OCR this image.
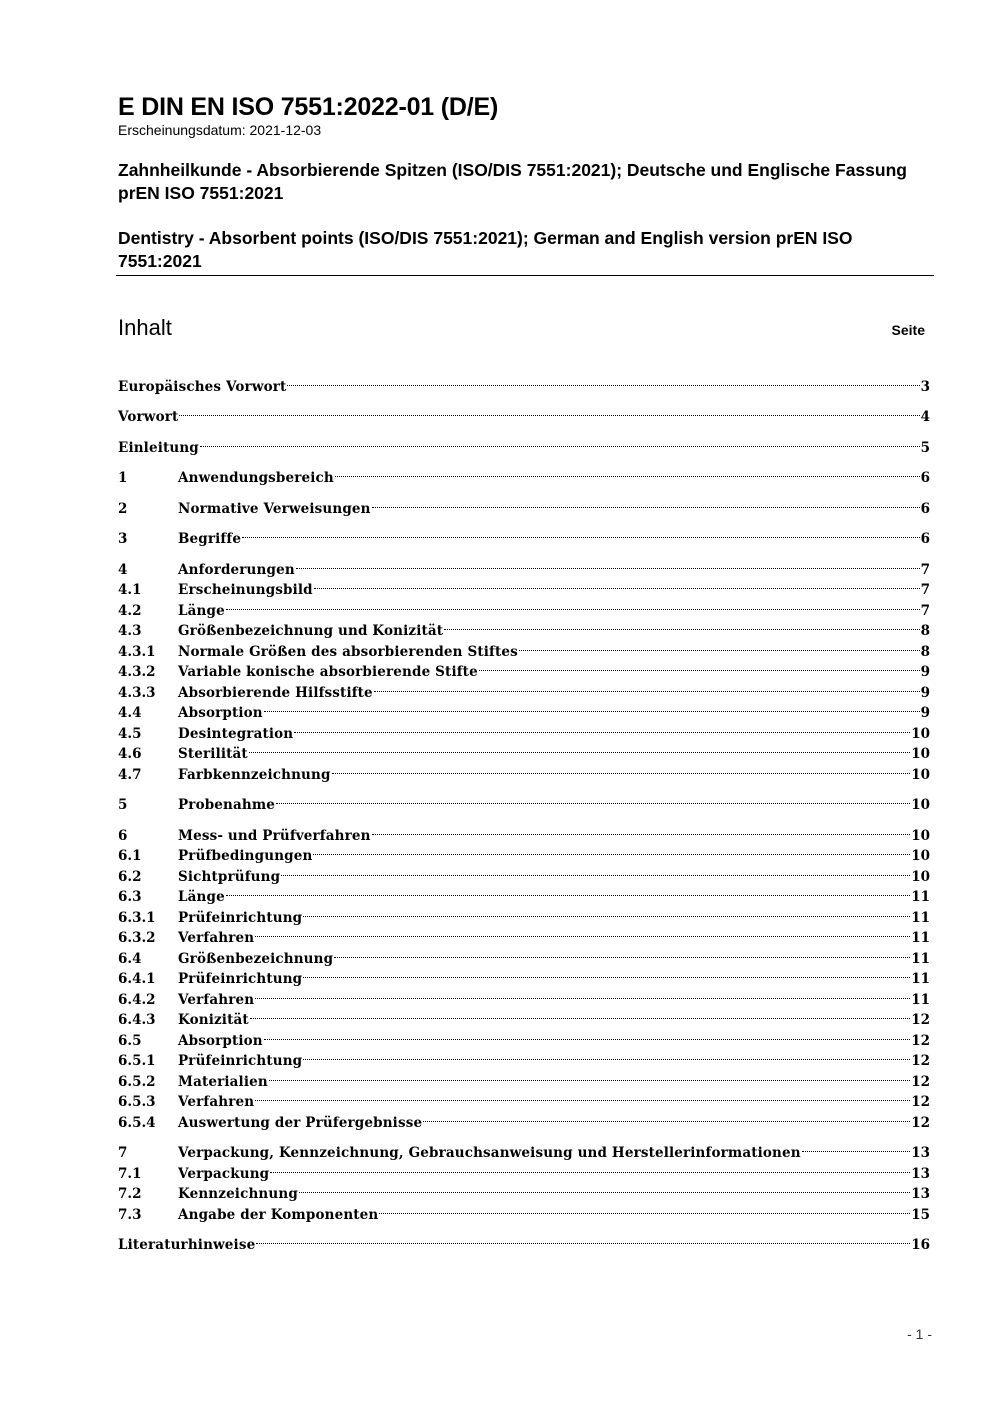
E DIN EN ISO 7551:2022-01 (D/E)

Erscheinungsdatum: 2021-12-03

Zahnheilkunde - Absorbierende Spitzen (ISO/DIS 7551:2021); Deutsche und Englische Fassung prEN ISO 7551:2021

Dentistry - Absorbent points (ISO/DIS 7551:2021); German and English version prEN ISO 7551:2021

Inhalt	Seite
Europäisches Vorwort	3
Vorwort	4
Einleitung	5
1	Anwendungsbereich	6
2	Normative Verweisungen	6
3	Begriffe	6
4	Anforderungen	7
4.1	Erscheinungsbild	7
4.2	Länge	7
4.3	Größenbezeichnung und Konizität	8
4.3.1	Normale Größen des absorbierenden Stiftes	8
4.3.2	Variable konische absorbierende Stifte	9
4.3.3	Absorbierende Hilfsstifte	9
4.4	Absorption	9
4.5	Desintegration	10
4.6	Sterilität	10
4.7	Farbkennzeichnung	10
5	Probenahme	10
6	Mess- und Prüfverfahren	10
6.1	Prüfbedingungen	10
6.2	Sichtprüfung	10
6.3	Länge	11
6.3.1	Prüfeinrichtung	11
6.3.2	Verfahren	11
6.4	Größenbezeichnung	11
6.4.1	Prüfeinrichtung	11
6.4.2	Verfahren	11
6.4.3	Konizität	12
6.5	Absorption	12
6.5.1	Prüfeinrichtung	12
6.5.2	Materialien	12
6.5.3	Verfahren	12
6.5.4	Auswertung der Prüfergebnisse	12
7	Verpackung, Kennzeichnung, Gebrauchsanweisung und Herstellerinformationen	13
7.1	Verpackung	13
7.2	Kennzeichnung	13
7.3	Angabe der Komponenten	15
Literaturhinweise	16
- 1 -
